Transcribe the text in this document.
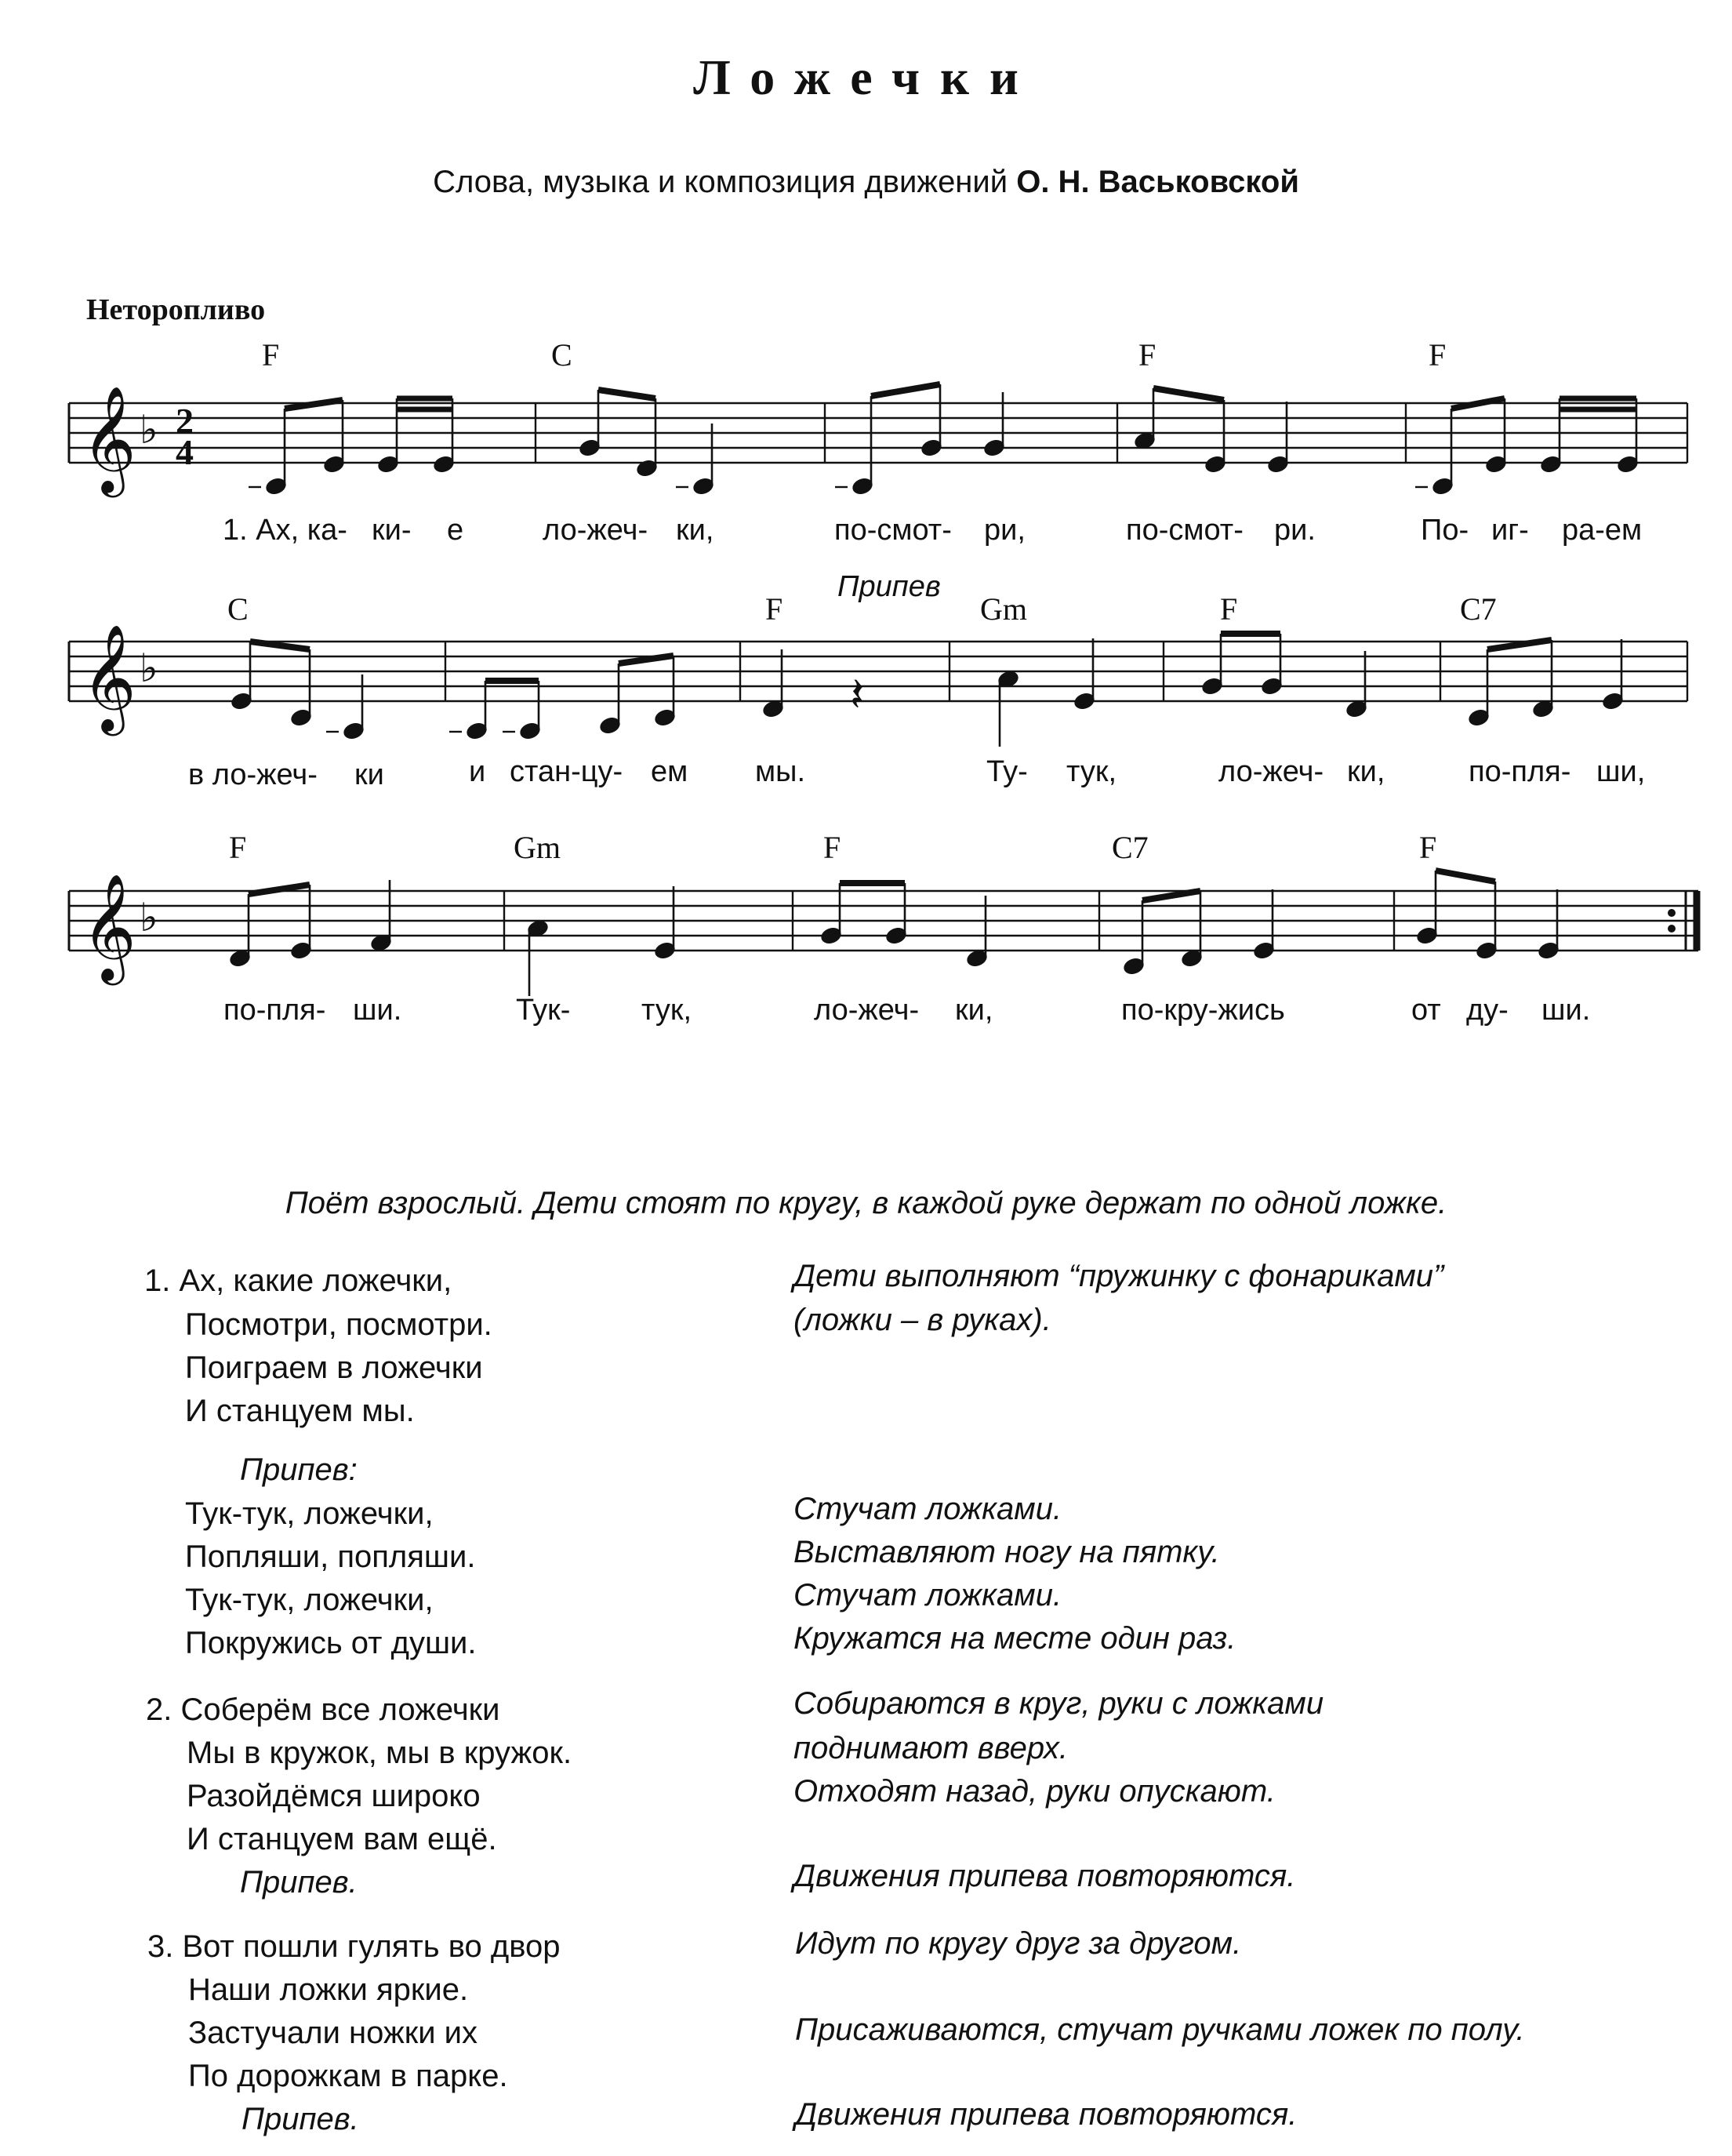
Ложечки
Слова, музыка и композиция движений О. Н. Васьковской
Неторопливо
𝄞 ♭ 2
4
F	C	F	F
1. Ах, ка- ки- е	ло-жеч- ки,	по-смот- ри,	по-смот- ри.	По- иг- ра-ем
Припев
𝄞 ♭	𝄽
C	F	Gm	F	C7
в ло-жеч- ки	и стан-цу- ем мы.	Ту- тук,	ло-жеч- ки,	по-пля- ши,
𝄞 ♭
F	Gm	F	C7	F
по-пля- ши.	Тук- тук,	ло-жеч- ки,	по-кру-жись	от ду- ши.
Поёт взрослый. Дети стоят по кругу, в каждой руке держат по одной ложке.
1. Ах, какие ложечки,
Посмотри, посмотри.
Поиграем в ложечки
И станцуем мы.
Дети выполняют “пружинку с фонариками”
(ложки – в руках).
Припев:
Тук-тук, ложечки,
Попляши, попляши.
Тук-тук, ложечки,
Покружись от души.
Стучат ложками.
Выставляют ногу на пятку.
Стучат ложками.
Кружатся на месте один раз.
2. Соберём все ложечки
Мы в кружок, мы в кружок.
Разойдёмся широко
И станцуем вам ещё.
Припев.
Собираются в круг, руки с ложками
поднимают вверх.
Отходят назад, руки опускают.
Движения припева повторяются.
3. Вот пошли гулять во двор
Наши ложки яркие.
Застучали ножки их
По дорожкам в парке.
Припев.
Идут по кругу друг за другом.
Присаживаются, стучат ручками ложек по полу.
Движения припева повторяются.
